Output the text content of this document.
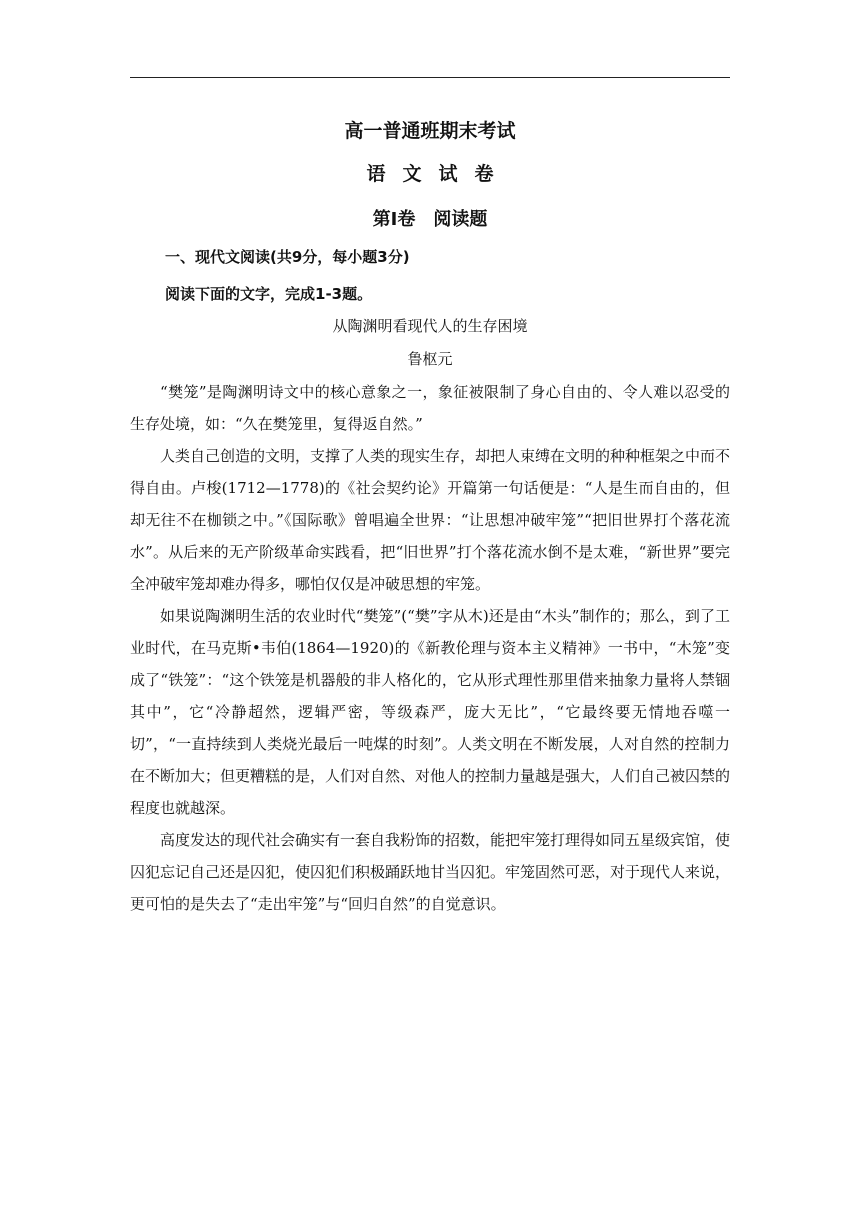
高一普通班期末考试
语文试卷
第Ⅰ卷　阅读题
一、现代文阅读(共9分，每小题3分)
阅读下面的文字，完成1-3题。
从陶渊明看现代人的生存困境
鲁枢元

“樊笼”是陶渊明诗文中的核心意象之一，象征被限制了身心自由的、令人难以忍受的生存处境，如：“久在樊笼里，复得返自然。”

人类自己创造的文明，支撑了人类的现实生存，却把人束缚在文明的种种框架之中而不得自由。卢梭(1712—1778)的《社会契约论》开篇第一句话便是：“人是生而自由的，但却无往不在枷锁之中。”《国际歌》曾唱遍全世界：“让思想冲破牢笼”“把旧世界打个落花流水”。从后来的无产阶级革命实践看，把“旧世界”打个落花流水倒不是太难，“新世界”要完全冲破牢笼却难办得多，哪怕仅仅是冲破思想的牢笼。

如果说陶渊明生活的农业时代“樊笼”(“樊”字从木)还是由“木头”制作的；那么，到了工业时代，在马克斯•韦伯(1864—1920)的《新教伦理与资本主义精神》一书中，“木笼”变成了“铁笼”：“这个铁笼是机器般的非人格化的，它从形式理性那里借来抽象力量将人禁锢其中”，它“冷静超然，逻辑严密，等级森严，庞大无比”，“它最终要无情地吞噬一切”，“一直持续到人类烧光最后一吨煤的时刻”。人类文明在不断发展，人对自然的控制力在不断加大；但更糟糕的是，人们对自然、对他人的控制力量越是强大，人们自己被囚禁的程度也就越深。

高度发达的现代社会确实有一套自我粉饰的招数，能把牢笼打理得如同五星级宾馆，使囚犯忘记自己还是囚犯，使囚犯们积极踊跃地甘当囚犯。牢笼固然可恶，对于现代人来说，更可怕的是失去了“走出牢笼”与“回归自然”的自觉意识。
